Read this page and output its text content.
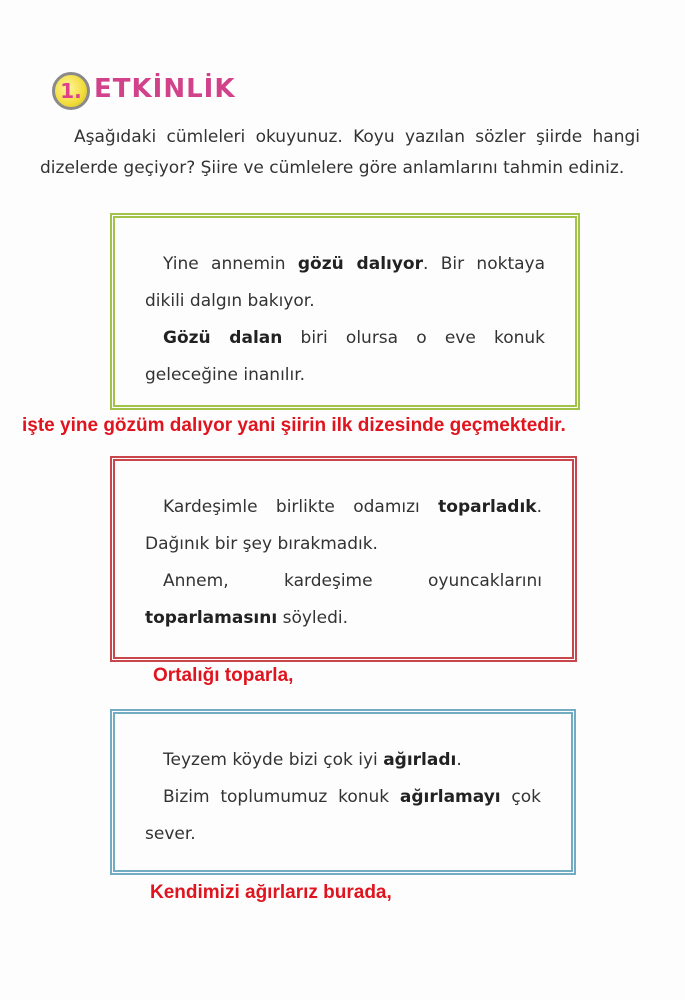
1. ETKİNLİK
Aşağıdaki cümleleri okuyunuz. Koyu yazılan sözler şiirde hangi dizelerde geçiyor? Şiire ve cümlelere göre anlamlarını tahmin ediniz.

Yine annemin gözü dalıyor. Bir noktaya dikili dalgın bakıyor.

Gözü dalan biri olursa o eve konuk geleceğine inanılır.

işte yine gözüm dalıyor yani şiirin ilk dizesinde geçmektedir.

Kardeşimle birlikte odamızı toparladık. Dağınık bir şey bırakmadık.

Annem, kardeşime oyuncaklarını toparlamasını söyledi.

Ortalığı toparla,

Teyzem köyde bizi çok iyi ağırladı.

Bizim toplumumuz konuk ağırlamayı çok sever.

Kendimizi ağırlarız burada,
